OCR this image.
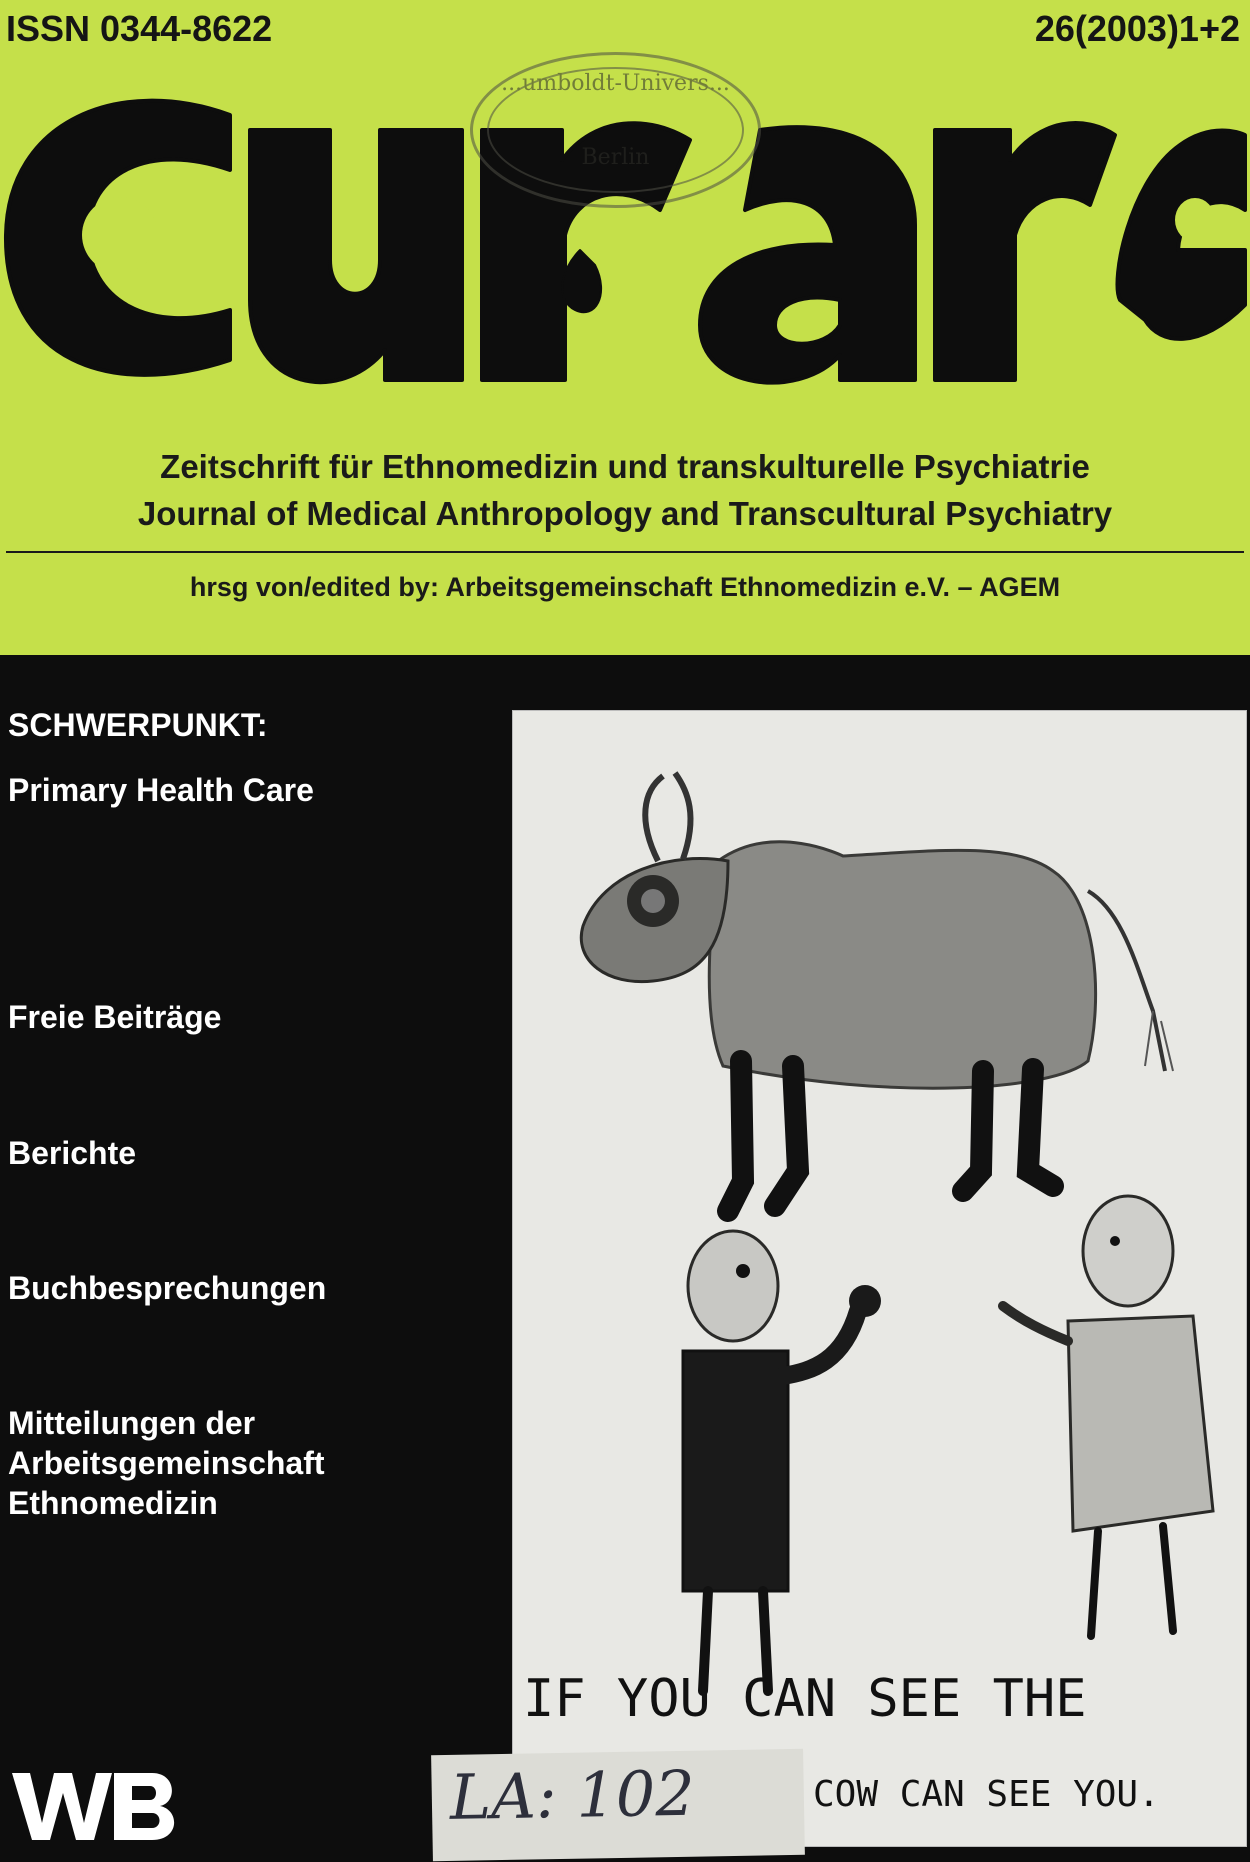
ISSN 0344-8622	26(2003)1+2
...umboldt-Univers...
Berlin
Zeitschrift für Ethnomedizin und transkulturelle Psychiatrie
Journal of Medical Anthropology and Transcultural Psychiatry
hrsg von/edited by: Arbeitsgemeinschaft Ethnomedizin e.V. – AGEM
SCHWERPUNKT:
Primary Health Care
Freie Beiträge
Berichte
Buchbesprechungen
Mitteilungen der
Arbeitsgemeinschaft
Ethnomedizin
IF YOU CAN SEE THE
COW CAN SEE YOU.
VWB	LA: 102
